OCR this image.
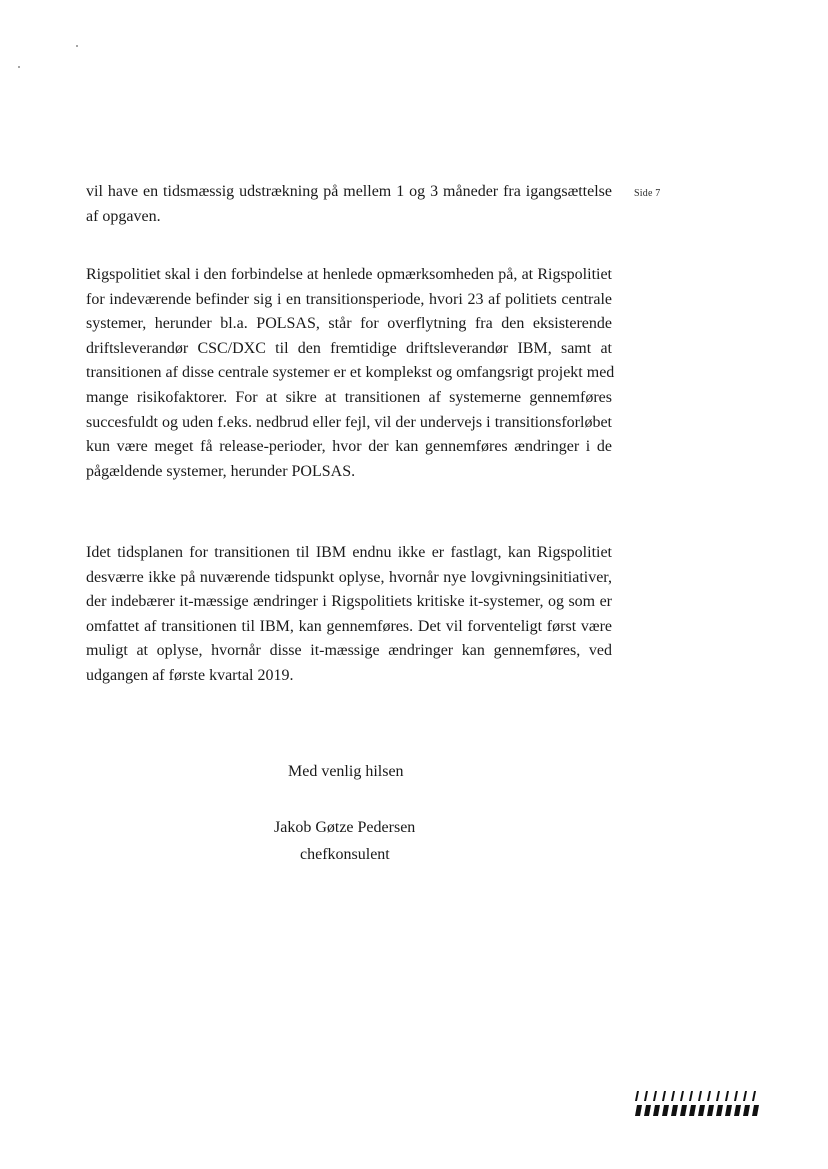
Side 7
vil have en tidsmæssig udstrækning på mellem 1 og 3 måneder fra igangsættelse
af opgaven.
Rigspolitiet skal i den forbindelse at henlede opmærksomheden på, at Rigspolitiet
for indeværende befinder sig i en transitionsperiode, hvori 23 af politiets centrale
systemer, herunder bl.a. POLSAS, står for overflytning fra den eksisterende
driftsleverandør CSC/DXC til den fremtidige driftsleverandør IBM, samt at
transitionen af disse centrale systemer er et komplekst og omfangsrigt projekt med
mange risikofaktorer. For at sikre at transitionen af systemerne gennemføres
succesfuldt og uden f.eks. nedbrud eller fejl, vil der undervejs i transitionsforløbet
kun være meget få release-perioder, hvor der kan gennemføres ændringer i de
pågældende systemer, herunder POLSAS.
Idet tidsplanen for transitionen til IBM endnu ikke er fastlagt, kan Rigspolitiet
desværre ikke på nuværende tidspunkt oplyse, hvornår nye lovgivningsinitiativer,
der indebærer it-mæssige ændringer i Rigspolitiets kritiske it-systemer, og som er
omfattet af transitionen til IBM, kan gennemføres. Det vil forventeligt først være
muligt at oplyse, hvornår disse it-mæssige ændringer kan gennemføres, ved
udgangen af første kvartal 2019.
Med venlig hilsen
Jakob Gøtze Pedersen
chefkonsulent
